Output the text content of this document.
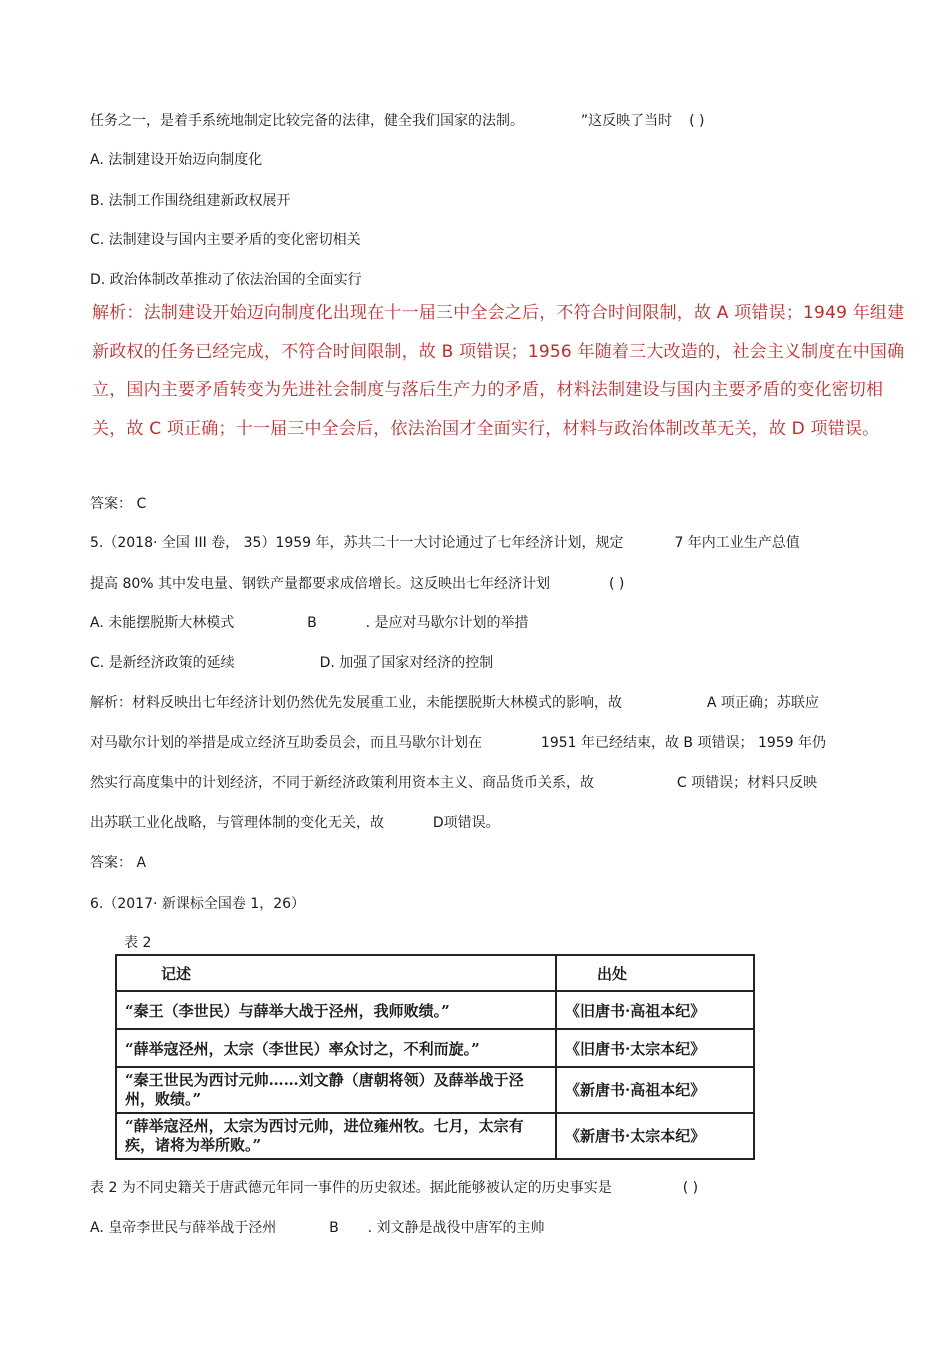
任务之一，是着手系统地制定比较完备的法律，健全我们国家的法制。	”这反映了当时 ( )
A. 法制建设开始迈向制度化
B. 法制工作围绕组建新政权展开
C. 法制建设与国内主要矛盾的变化密切相关
D. 政治体制改革推动了依法治国的全面实行

解析：法制建设开始迈向制度化出现在十一届三中全会之后，不符合时间限制，故 A 项错误；1949 年组建

新政权的任务已经完成，不符合时间限制，故 B 项错误；1956 年随着三大改造的，社会主义制度在中国确

立，国内主要矛盾转变为先进社会制度与落后生产力的矛盾，材料法制建设与国内主要矛盾的变化密切相

关，故 C 项正确；十一届三中全会后，依法治国才全面实行，材料与政治体制改革无关，故 D 项错误。

答案： C
5.（2018· 全国 III 卷， 35）1959 年，苏共二十一大讨论通过了七年经济计划，规定	7 年内工业生产总值
提高 80% 其中发电量、钢铁产量都要求成倍增长。这反映出七年经济计划	( )
A. 未能摆脱斯大林模式	B	. 是应对马歇尔计划的举措
C. 是新经济政策的延续	D. 加强了国家对经济的控制
解析：材料反映出七年经济计划仍然优先发展重工业，未能摆脱斯大林模式的影响，故	A 项正确；苏联应
对马歇尔计划的举措是成立经济互助委员会，而且马歇尔计划在	1951 年已经结束，故 B 项错误； 1959 年仍
然实行高度集中的计划经济，不同于新经济政策利用资本主义、商品货币关系，故	C 项错误；材料只反映
出苏联工业化战略，与管理体制的变化无关，故	D项错误。
答案： A
6.（2017· 新课标全国卷 1，26）
表 2
记述	出处
“秦王（李世民）与薛举大战于泾州，我师败绩。”	《旧唐书·高祖本纪》
“薛举寇泾州，太宗（李世民）率众讨之，不利而旋。”	《旧唐书·太宗本纪》
“秦王世民为西讨元帅……刘文静（唐朝将领）及薛举战于泾州，败绩。”	《新唐书·高祖本纪》
“薛举寇泾州，太宗为西讨元帅，进位雍州牧。七月，太宗有疾，诸将为举所败。”	《新唐书·太宗本纪》
表 2 为不同史籍关于唐武德元年同一事件的历史叙述。据此能够被认定的历史事实是	( )
A. 皇帝李世民与薛举战于泾州	B . 刘文静是战役中唐军的主帅
